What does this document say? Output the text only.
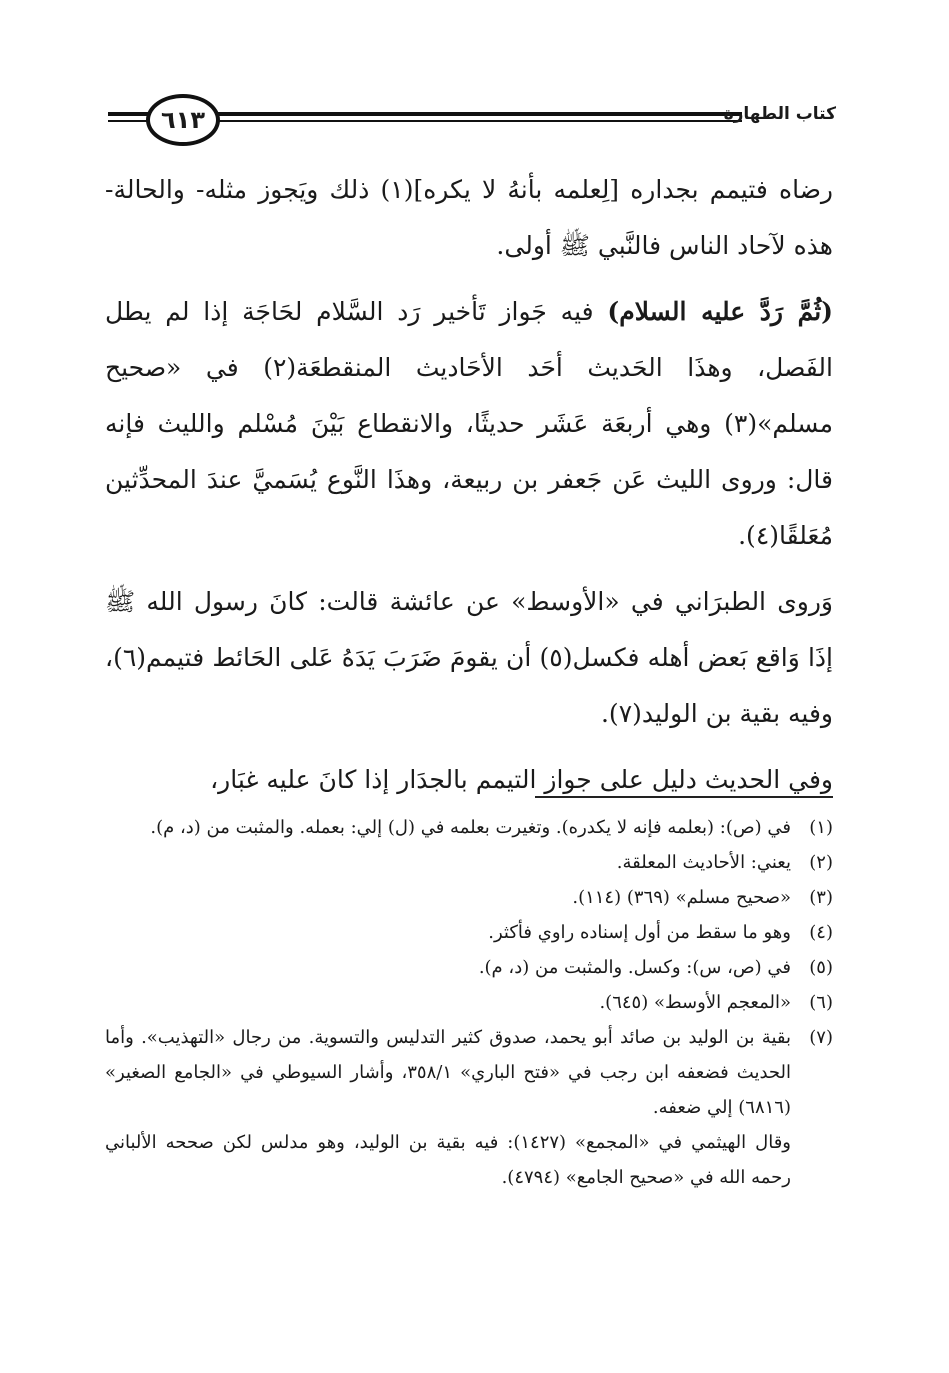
٦١٣	كتاب الطهارة

رضاه فتيمم بجداره [لِعلمه بأنهُ لا يكره](١) ذلك ويَجوز مثله- والحالة- هذه لآحاد الناس فالنَّبي ﷺ أولى.

(ثُمَّ رَدَّ عليه السلام) فيه جَواز تَأخير رَد السَّلام لحَاجَة إذا لم يطل الفَصل، وهذَا الحَديث أحَد الأحَاديث المنقطعَة(٢) في «صحيح مسلم»(٣) وهي أربعَة عَشَر حديثًا، والانقطاع بَيْنَ مُسْلم والليث فإنه قال: وروى الليث عَن جَعفر بن ربيعة، وهذَا النَّوع يُسَميَّ عندَ المحدِّثين مُعَلقًا(٤).

وَروى الطبرَاني في «الأوسط» عن عائشة قالت: كانَ رسول الله ﷺ إذَا وَاقع بَعض أهله فكسل(٥) أن يقومَ ضَرَبَ يَدَهُ عَلى الحَائط فتيمم(٦)، وفيه بقية بن الوليد(٧).

وفي الحديث دليل على جواز التيمم بالجدَار إذا كانَ عليه غبَار،

(١)
في (ص): (بعلمه فإنه لا يكدره). وتغيرت بعلمه في (ل) إلي: بعمله. والمثبت من (د، م).
(٢)
يعني: الأحاديث المعلقة.
(٣)
«صحيح مسلم» (٣٦٩) (١١٤).
(٤)
وهو ما سقط من أول إسناده راوي فأكثر.
(٥)
في (ص، س): وكسل. والمثبت من (د، م).
(٦)
«المعجم الأوسط» (٦٤٥).
(٧)
بقية بن الوليد بن صائد أبو يحمد، صدوق كثير التدليس والتسوية. من رجال «التهذيب». وأما الحديث فضعفه ابن رجب في «فتح الباري» ٣٥٨/١، وأشار السيوطي في «الجامع الصغير» (٦٨١٦) إلي ضعفه.
وقال الهيثمي في «المجمع» (١٤٢٧): فيه بقية بن الوليد، وهو مدلس لكن صححه الألباني رحمه الله في «صحيح الجامع» (٤٧٩٤).
